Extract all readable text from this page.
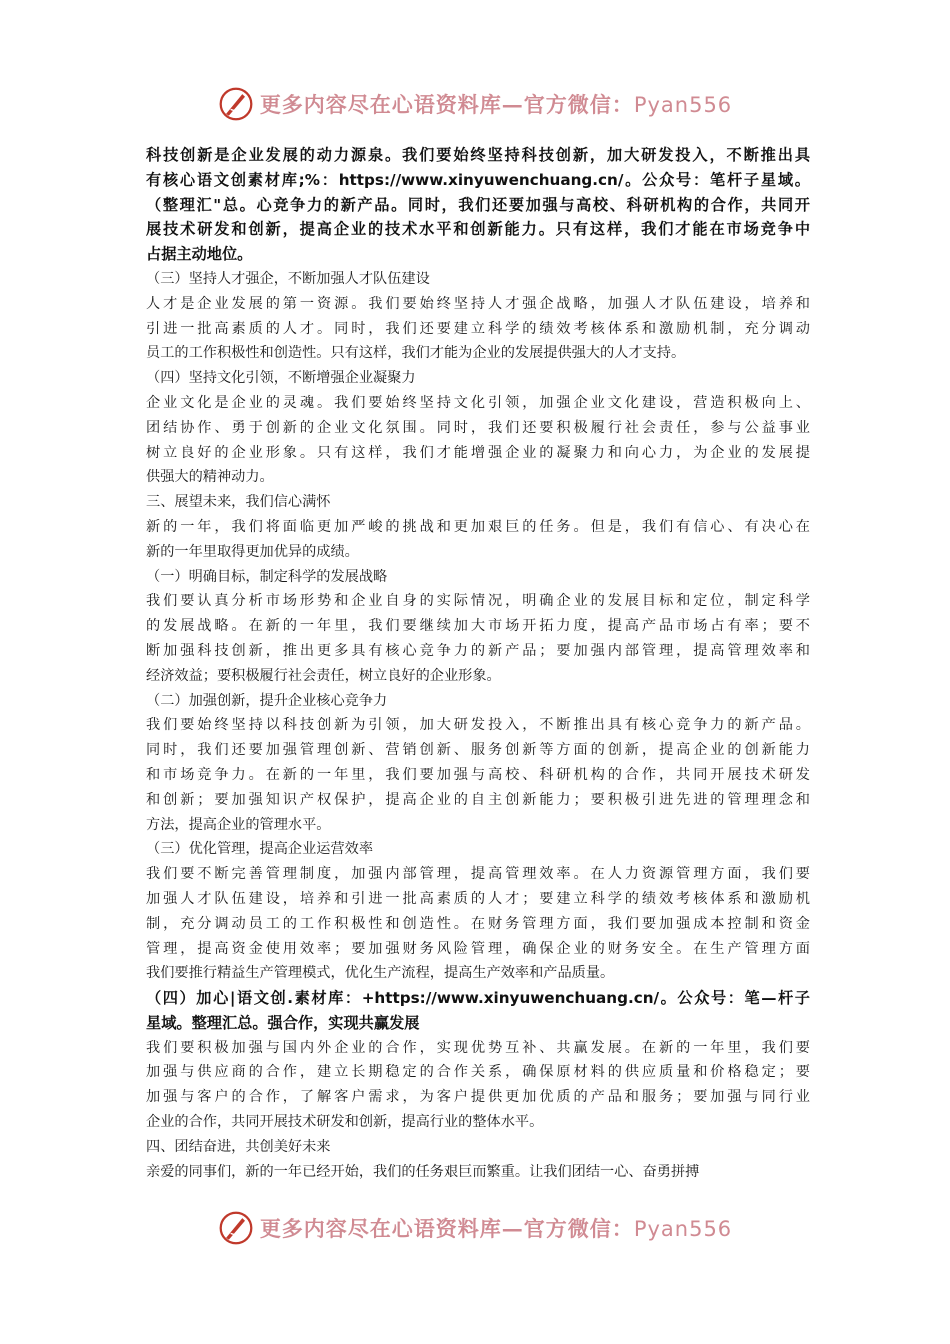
更多内容尽在心语资料库—官方微信：Pyan556

科技创新是企业发展的动力源泉。我们要始终坚持科技创新，加大研发投入，不断推出具

有核心语文创素材库;%：https://www.xinyuwenchuang.cn/。公众号：笔杆子星域。

（整理汇"总。心竞争力的新产品。同时，我们还要加强与高校、科研机构的合作，共同开

展技术研发和创新，提高企业的技术水平和创新能力。只有这样，我们才能在市场竞争中

占据主动地位。

（三）坚持人才强企，不断加强人才队伍建设

人才是企业发展的第一资源。我们要始终坚持人才强企战略，加强人才队伍建设，培养和

引进一批高素质的人才。同时，我们还要建立科学的绩效考核体系和激励机制，充分调动

员工的工作积极性和创造性。只有这样，我们才能为企业的发展提供强大的人才支持。

（四）坚持文化引领，不断增强企业凝聚力

企业文化是企业的灵魂。我们要始终坚持文化引领，加强企业文化建设，营造积极向上、

团结协作、勇于创新的企业文化氛围。同时，我们还要积极履行社会责任，参与公益事业

树立良好的企业形象。只有这样，我们才能增强企业的凝聚力和向心力，为企业的发展提

供强大的精神动力。

三、展望未来，我们信心满怀

新的一年，我们将面临更加严峻的挑战和更加艰巨的任务。但是，我们有信心、有决心在

新的一年里取得更加优异的成绩。

（一）明确目标，制定科学的发展战略

我们要认真分析市场形势和企业自身的实际情况，明确企业的发展目标和定位，制定科学

的发展战略。在新的一年里，我们要继续加大市场开拓力度，提高产品市场占有率；要不

断加强科技创新，推出更多具有核心竞争力的新产品；要加强内部管理，提高管理效率和

经济效益；要积极履行社会责任，树立良好的企业形象。

（二）加强创新，提升企业核心竞争力

我们要始终坚持以科技创新为引领，加大研发投入，不断推出具有核心竞争力的新产品。

同时，我们还要加强管理创新、营销创新、服务创新等方面的创新，提高企业的创新能力

和市场竞争力。在新的一年里，我们要加强与高校、科研机构的合作，共同开展技术研发

和创新；要加强知识产权保护，提高企业的自主创新能力；要积极引进先进的管理理念和

方法，提高企业的管理水平。

（三）优化管理，提高企业运营效率

我们要不断完善管理制度，加强内部管理，提高管理效率。在人力资源管理方面，我们要

加强人才队伍建设，培养和引进一批高素质的人才；要建立科学的绩效考核体系和激励机

制，充分调动员工的工作积极性和创造性。在财务管理方面，我们要加强成本控制和资金

管理，提高资金使用效率；要加强财务风险管理，确保企业的财务安全。在生产管理方面

我们要推行精益生产管理模式，优化生产流程，提高生产效率和产品质量。

（四）加心|语文创.素材库：+https://www.xinyuwenchuang.cn/。公众号：笔—杆子

星域。整理汇总。强合作，实现共赢发展

我们要积极加强与国内外企业的合作，实现优势互补、共赢发展。在新的一年里，我们要

加强与供应商的合作，建立长期稳定的合作关系，确保原材料的供应质量和价格稳定；要

加强与客户的合作，了解客户需求，为客户提供更加优质的产品和服务；要加强与同行业

企业的合作，共同开展技术研发和创新，提高行业的整体水平。

四、团结奋进，共创美好未来

亲爱的同事们，新的一年已经开始，我们的任务艰巨而繁重。让我们团结一心、奋勇拼搏

更多内容尽在心语资料库—官方微信：Pyan556
